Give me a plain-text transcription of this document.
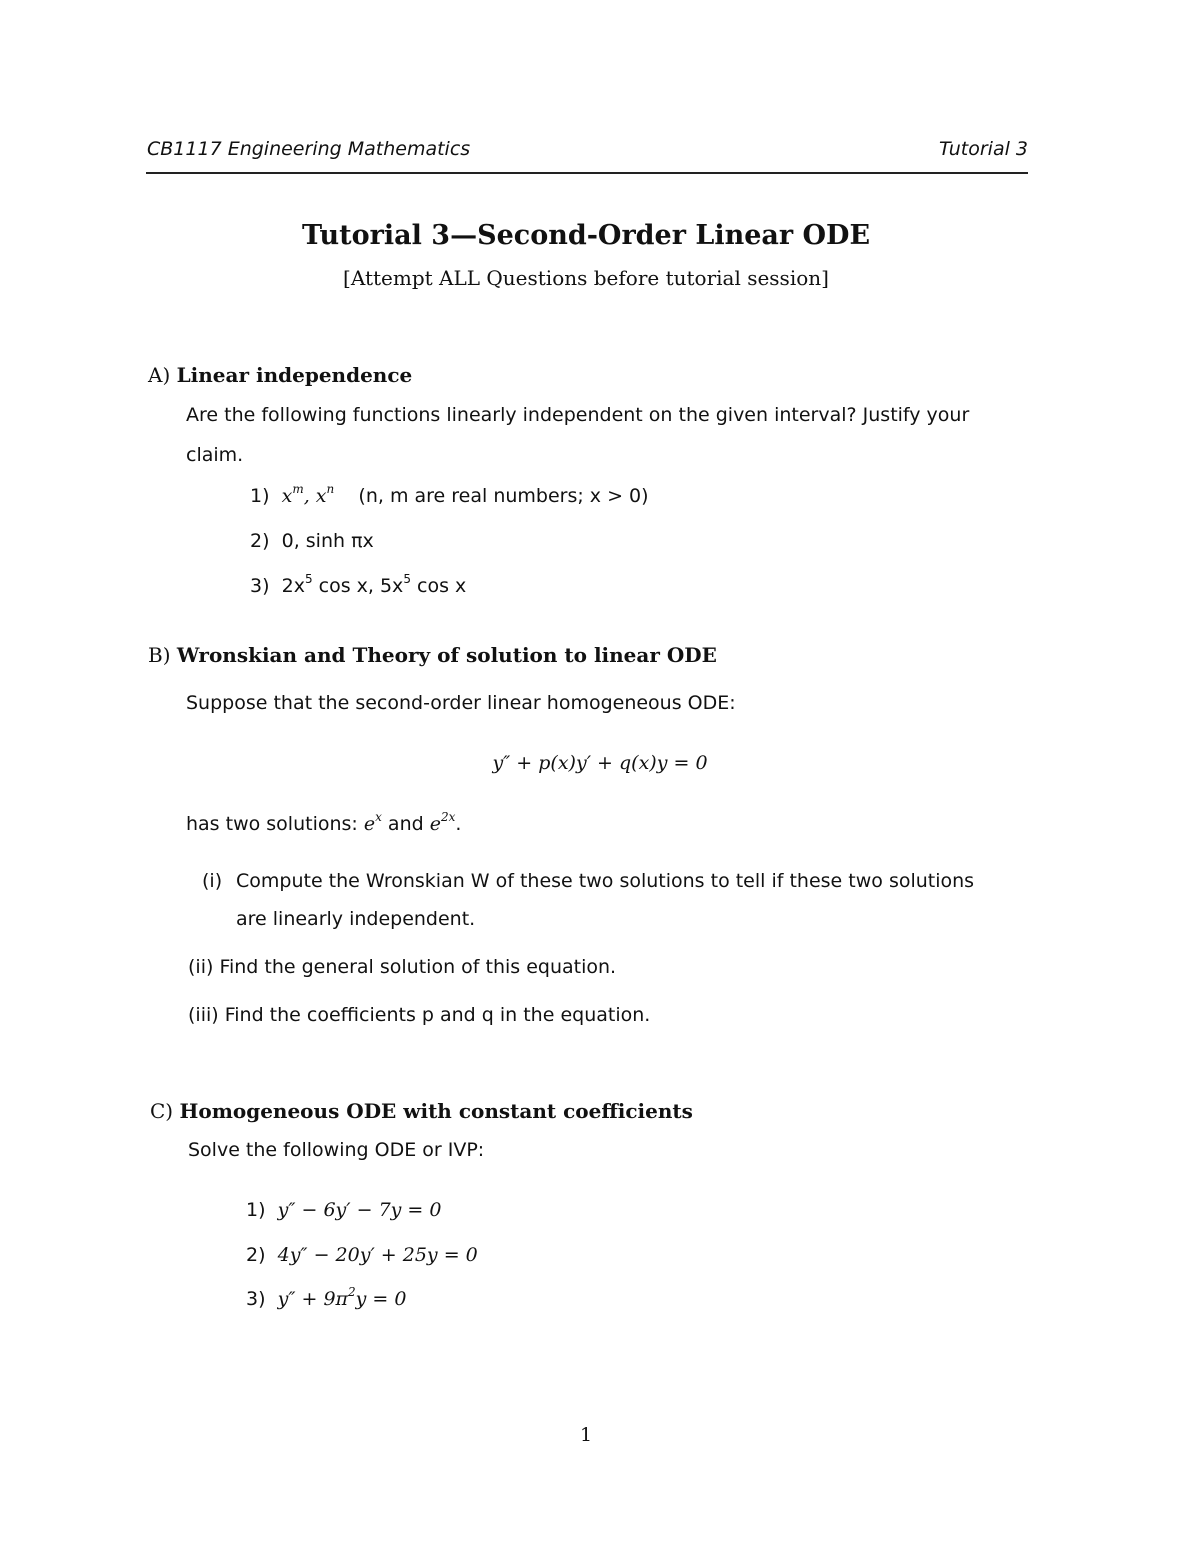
CB1117 Engineering Mathematics	Tutorial 3
Tutorial 3—Second-Order Linear ODE
[Attempt ALL Questions before tutorial session]
A) Linear independence
Are the following functions linearly independent on the given interval? Justify your
claim.
1) $x^m$, $x^n$ (n, m are real numbers; x > 0)
2) 0, sinh πx
3) $2x^5$ cos x, $5x^5$ cos x
B) Wronskian and Theory of solution to linear ODE
Suppose that the second-order linear homogeneous ODE:
y″ + p(x)y′ + q(x)y = 0
has two solutions: $e^x$ and $e^{2x}$.
(i) Compute the Wronskian W of these two solutions to tell if these two solutions
are linearly independent.
(ii) Find the general solution of this equation.
(iii) Find the coefficients p and q in the equation.
C) Homogeneous ODE with constant coefficients
Solve the following ODE or IVP:
1) y″ − 6y′ − 7y = 0
2) 4y″ − 20y′ + 25y = 0
3) $y'' + 9\pi^2y = 0$
1
